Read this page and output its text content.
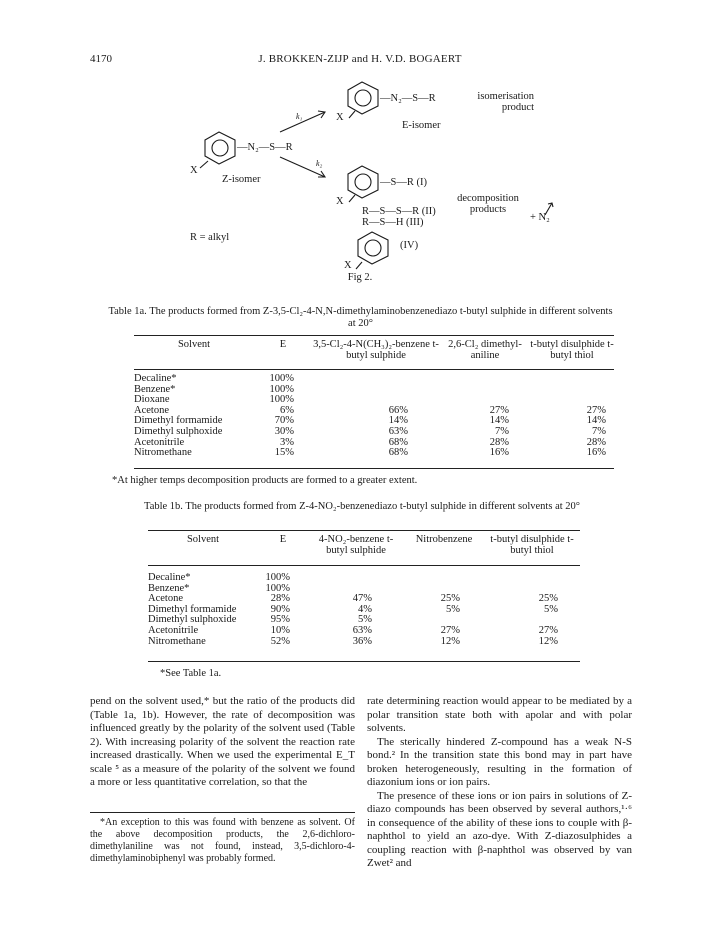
4170	J. BROKKEN-ZIJP and H. V.D. BOGAERT
—N₂—S—R	isomerisation
product
E-isomer
X
k₁
—N₂—S—R
X
Z-isomer
k₂
—S—R (I)
X
R—S—S—R (II)
R—S—H (III)
decomposition
products
+ N₂
R = alkyl
(IV)
X
Fig 2.
Table 1a. The products formed from Z-3,5-Cl₂-4-N,N-dimethylaminobenzenediazo t-butyl sulphide in different solvents at 20°
Solvent	E	3,5-Cl₂-4-N(CH₃)₂-benzene t-butyl sulphide	2,6-Cl₂ dimethyl-aniline	t-butyl disulphide t-butyl thiol

Decaline*	100%			
Benzene*	100%			
Dioxane	100%			
Acetone	6%	66%	27%	27%
Dimethyl formamide	70%	14%	14%	14%
Dimethyl sulphoxide	30%	63%	7%	7%
Acetonitrile	3%	68%	28%	28%
Nitromethane	15%	68%	16%	16%
*At higher temps decomposition products are formed to a greater extent.
Table 1b. The products formed from Z-4-NO₂-benzenediazo t-butyl sulphide in different solvents at 20°
Solvent	E	4-NO₂-benzene t-butyl sulphide	Nitrobenzene	t-butyl disulphide t-butyl thiol
Decaline*	100%			
Benzene*	100%			
Acetone	28%	47%	25%	25%
Dimethyl formamide	90%	4%	5%	5%
Dimethyl sulphoxide	95%	5%		
Acetonitrile	10%	63%	27%	27%
Nitromethane	52%	36%	12%	12%
*See Table 1a.

pend on the solvent used,* but the ratio of the products did (Table 1a, 1b). However, the rate of decomposition was influenced greatly by the polarity of the solvent used (Table 2). With increasing polarity of the solvent the reaction rate increased drastically. When we used the experimental E_T scale ⁵ as a measure of the polarity of the solvent we found a more or less quantitative correlation, so that the

*An exception to this was found with benzene as solvent. Of the above decomposition products, the 2,6-dichloro-dimethylaniline was not found, instead, 3,5-dichloro-4-dimethylaminobiphenyl was probably formed.

rate determining reaction would appear to be mediated by a polar transition state both with apolar and with polar solvents.

The sterically hindered Z-compound has a weak N-S bond.² In the transition state this bond may in part have broken heterogeneously, resulting in the formation of diazonium ions or ion pairs.

The presence of these ions or ion pairs in solutions of Z-diazo compounds has been observed by several authors,¹·⁶ in consequence of the ability of these ions to couple with β-naphthol to yield an azo-dye. With Z-diazosulphides a coupling reaction with β-naphthol was observed by van Zwet² and
